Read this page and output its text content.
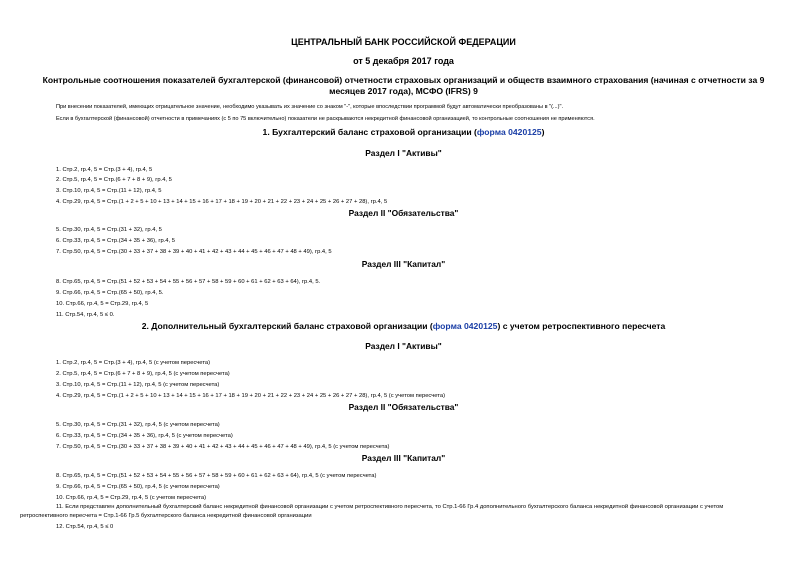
ЦЕНТРАЛЬНЫЙ БАНК РОССИЙСКОЙ ФЕДЕРАЦИИ
от 5 декабря 2017 года
Контрольные соотношения показателей бухгалтерской (финансовой) отчетности страховых организаций и обществ взаимного страхования (начиная с отчетности за 9 месяцев 2017 года), МСФО (IFRS) 9
При внесении показателей, имеющих отрицательное значение, необходимо указывать их значение со знаком "-", которые впоследствии программой будут автоматически преобразованы в "(...)".
Если в бухгалтерской (финансовой) отчетности в примечаниях (с 5 по 75 включительно) показатели не раскрываются некредитной финансовой организацией, то контрольные соотношения не применяются.
1. Бухгалтерский баланс страховой организации (форма 0420125)
Раздел I "Активы"
1. Стр.2, гр.4, 5 = Стр.(3 + 4), гр.4, 5
2. Стр.5, гр.4, 5 = Стр.(6 + 7 + 8 + 9), гр.4, 5
3. Стр.10, гр.4, 5 = Стр.(11 + 12), гр.4, 5
4. Стр.29, гр.4, 5 = Стр.(1 + 2 + 5 + 10 + 13 + 14 + 15 + 16 + 17 + 18 + 19 + 20 + 21 + 22 + 23 + 24 + 25 + 26 + 27 + 28), гр.4, 5
Раздел II "Обязательства"
5. Стр.30, гр.4, 5 = Стр.(31 + 32), гр.4, 5
6. Стр.33, гр.4, 5 = Стр.(34 + 35 + 36), гр.4, 5
7. Стр.50, гр.4, 5 = Стр.(30 + 33 + 37 + 38 + 39 + 40 + 41 + 42 + 43 + 44 + 45 + 46 + 47 + 48 + 49), гр.4, 5
Раздел III "Капитал"
8. Стр.65, гр.4, 5 = Стр.(51 + 52 + 53 + 54 + 55 + 56 + 57 + 58 + 59 + 60 + 61 + 62 + 63 + 64), гр.4, 5.
9. Стр.66, гр.4, 5 = Стр.(65 + 50), гр.4, 5.
10. Стр.66, гр.4, 5 = Стр.29, гр.4, 5
11. Стр.54, гр.4, 5 ≤ 0.
2. Дополнительный бухгалтерский баланс страховой организации (форма 0420125) с учетом ретроспективного пересчета
Раздел I "Активы"
1. Стр.2, гр.4, 5 = Стр.(3 + 4), гр.4, 5 (с учетом пересчета)
2. Стр.5, гр.4, 5 = Стр.(6 + 7 + 8 + 9), гр.4, 5 (с учетом пересчета)
3. Стр.10, гр.4, 5 = Стр.(11 + 12), гр.4, 5 (с учетом пересчета)
4. Стр.29, гр.4, 5 = Стр.(1 + 2 + 5 + 10 + 13 + 14 + 15 + 16 + 17 + 18 + 19 + 20 + 21 + 22 + 23 + 24 + 25 + 26 + 27 + 28), гр.4, 5 (с учетом пересчета)
Раздел II "Обязательства"
5. Стр.30, гр.4, 5 = Стр.(31 + 32), гр.4, 5 (с учетом пересчета)
6. Стр.33, гр.4, 5 = Стр.(34 + 35 + 36), гр.4, 5 (с учетом пересчета)
7. Стр.50, гр.4, 5 = Стр.(30 + 33 + 37 + 38 + 39 + 40 + 41 + 42 + 43 + 44 + 45 + 46 + 47 + 48 + 49), гр.4, 5 (с учетом пересчета)
Раздел III "Капитал"
8. Стр.65, гр.4, 5 = Стр.(51 + 52 + 53 + 54 + 55 + 56 + 57 + 58 + 59 + 60 + 61 + 62 + 63 + 64), гр.4, 5 (с учетом пересчета)
9. Стр.66, гр.4, 5 = Стр.(65 + 50), гр.4, 5 (с учетом пересчета)
10. Стр.66, гр.4, 5 = Стр.29, гр.4, 5 (с учетом пересчета)
11. Если представлен дополнительный бухгалтерский баланс некредитной финансовой организации с учетом ретроспективного пересчета, то Стр.1-66 Гр.4 дополнительного бухгалтерского баланса некредитной финансовой организации с учетом ретроспективного пересчета = Стр.1-66 Гр.5 бухгалтерского баланса некредитной финансовой организации
12. Стр.54, гр.4, 5 ≤ 0
